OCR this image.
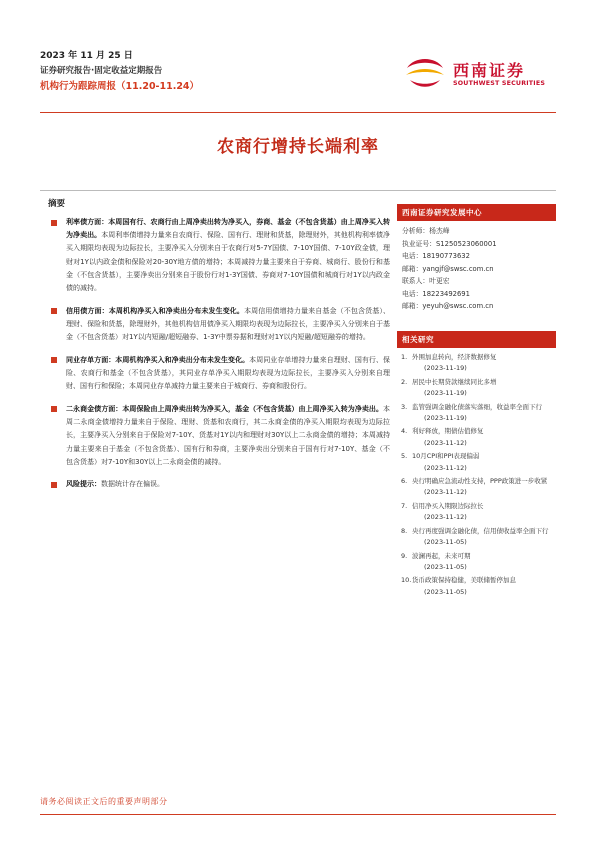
2023 年 11 月 25 日
证券研究报告·固定收益定期报告
机构行为跟踪周报（11.20-11.24）
西南证券
SOUTHWEST SECURITIES
农商行增持长端利率
摘要
利率债方面：本周国有行、农商行由上周净卖出转为净买入，券商、基金（不包含货基）由上周净买入转为净卖出。本周利率债增持力量来自农商行、保险、国有行、理财和货基，除理财外，其他机构利率债净买入期限均表现为边际拉长，主要净买入分别来自于农商行对5-7Y国债、7-10Y国债、7-10Y政金债，理财对1Y以内政金债和保险对20-30Y地方债的增持；本周减持力量主要来自于券商、城商行、股份行和基金（不包含货基），主要净卖出分别来自于股份行对1-3Y国债、券商对7-10Y国债和城商行对1Y以内政金债的减持。
信用债方面：本周机构净买入和净卖出分布未发生变化。本周信用债增持力量来自基金（不包含货基）、理财、保险和货基，除理财外，其他机构信用债净买入期限均表现为边际拉长，主要净买入分别来自于基金（不包含货基）对1Y以内短融/超短融券、1-3Y中票券据和理财对1Y以内短融/超短融券的增持。
同业存单方面：本周机构净买入和净卖出分布未发生变化。本周同业存单增持力量来自理财、国有行、保险、农商行和基金（不包含货基），其同业存单净买入期限均表现为边际拉长，主要净买入分别来自理财、国有行和保险；本周同业存单减持力量主要来自于城商行、券商和股份行。
二永商金债方面：本周保险由上周净卖出转为净买入，基金（不包含货基）由上周净买入转为净卖出。本周二永商金债增持力量来自于保险、理财、货基和农商行，其二永商金债的净买入期限均表现为边际拉长，主要净买入分别来自于保险对7-10Y、货基对1Y以内和理财对30Y以上二永商金债的增持；本周减持力量主要来自于基金（不包含货基）、国有行和券商，主要净卖出分别来自于国有行对7-10Y、基金（不包含货基）对7-10Y和30Y以上二永商金债的减持。
风险提示：数据统计存在偏误。
西南证券研究发展中心
分析师：杨杰峰
执业证号：S1250523060001
电话：18190773632
邮箱：yangjf@swsc.com.cn
联系人：叶更宏
电话：18223492691
邮箱：yeyuh@swsc.com.cn
相关研究
1. 外围加息转向，经济数据修复
(2023-11-19)
2. 居民中长期贷款继续同比多增
(2023-11-19)
3. 监管强调金融化债落实落细，收益率全面下行
(2023-11-19)
4. 利好释放，期债估值修复
(2023-11-12)
5. 10月CPI和PPI表现偏弱
(2023-11-12)
6. 央行明确应急流动性支持，PPP政策进一步收紧
(2023-11-12)
7. 信用净买入期限边际拉长
(2023-11-12)
8. 央行再度强调金融化债，信用债收益率全面下行
(2023-11-05)
9. 波澜再起，未来可期
(2023-11-05)
10. 货币政策保持稳健，美联储暂停加息
(2023-11-05)
请务必阅读正文后的重要声明部分
